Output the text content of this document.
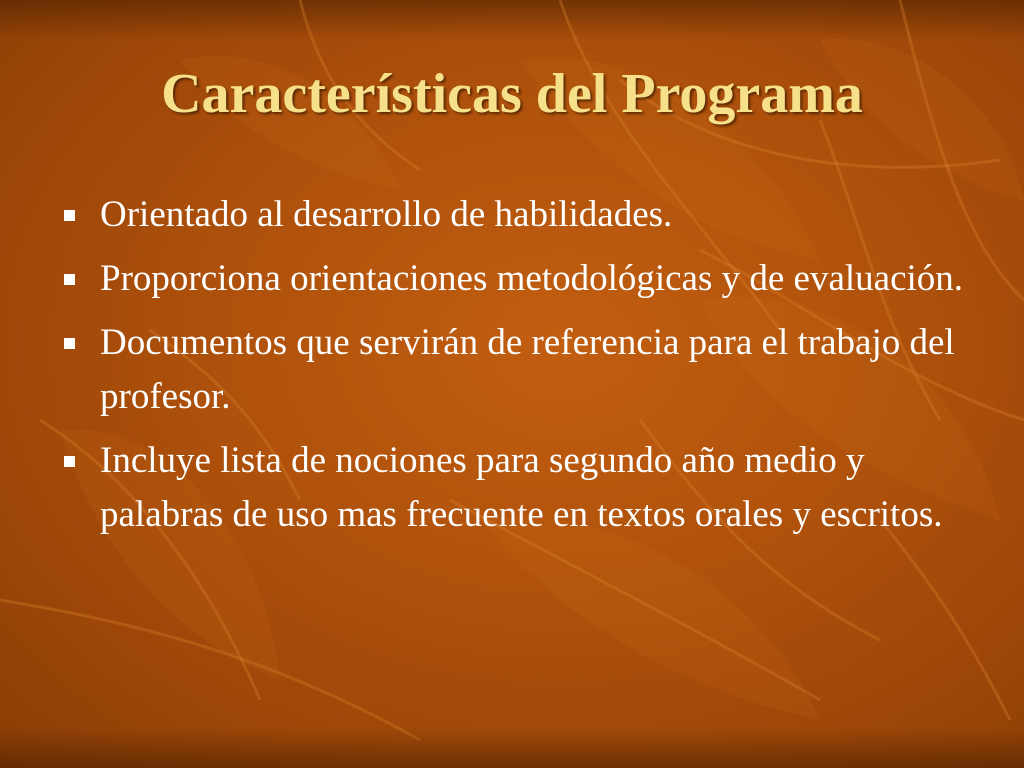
Características del Programa
Orientado al desarrollo de habilidades.
Proporciona orientaciones metodológicas y de evaluación.
Documentos que servirán de referencia para el trabajo del profesor.
Incluye lista de nociones para segundo año medio y palabras de uso mas frecuente en textos orales y escritos.
